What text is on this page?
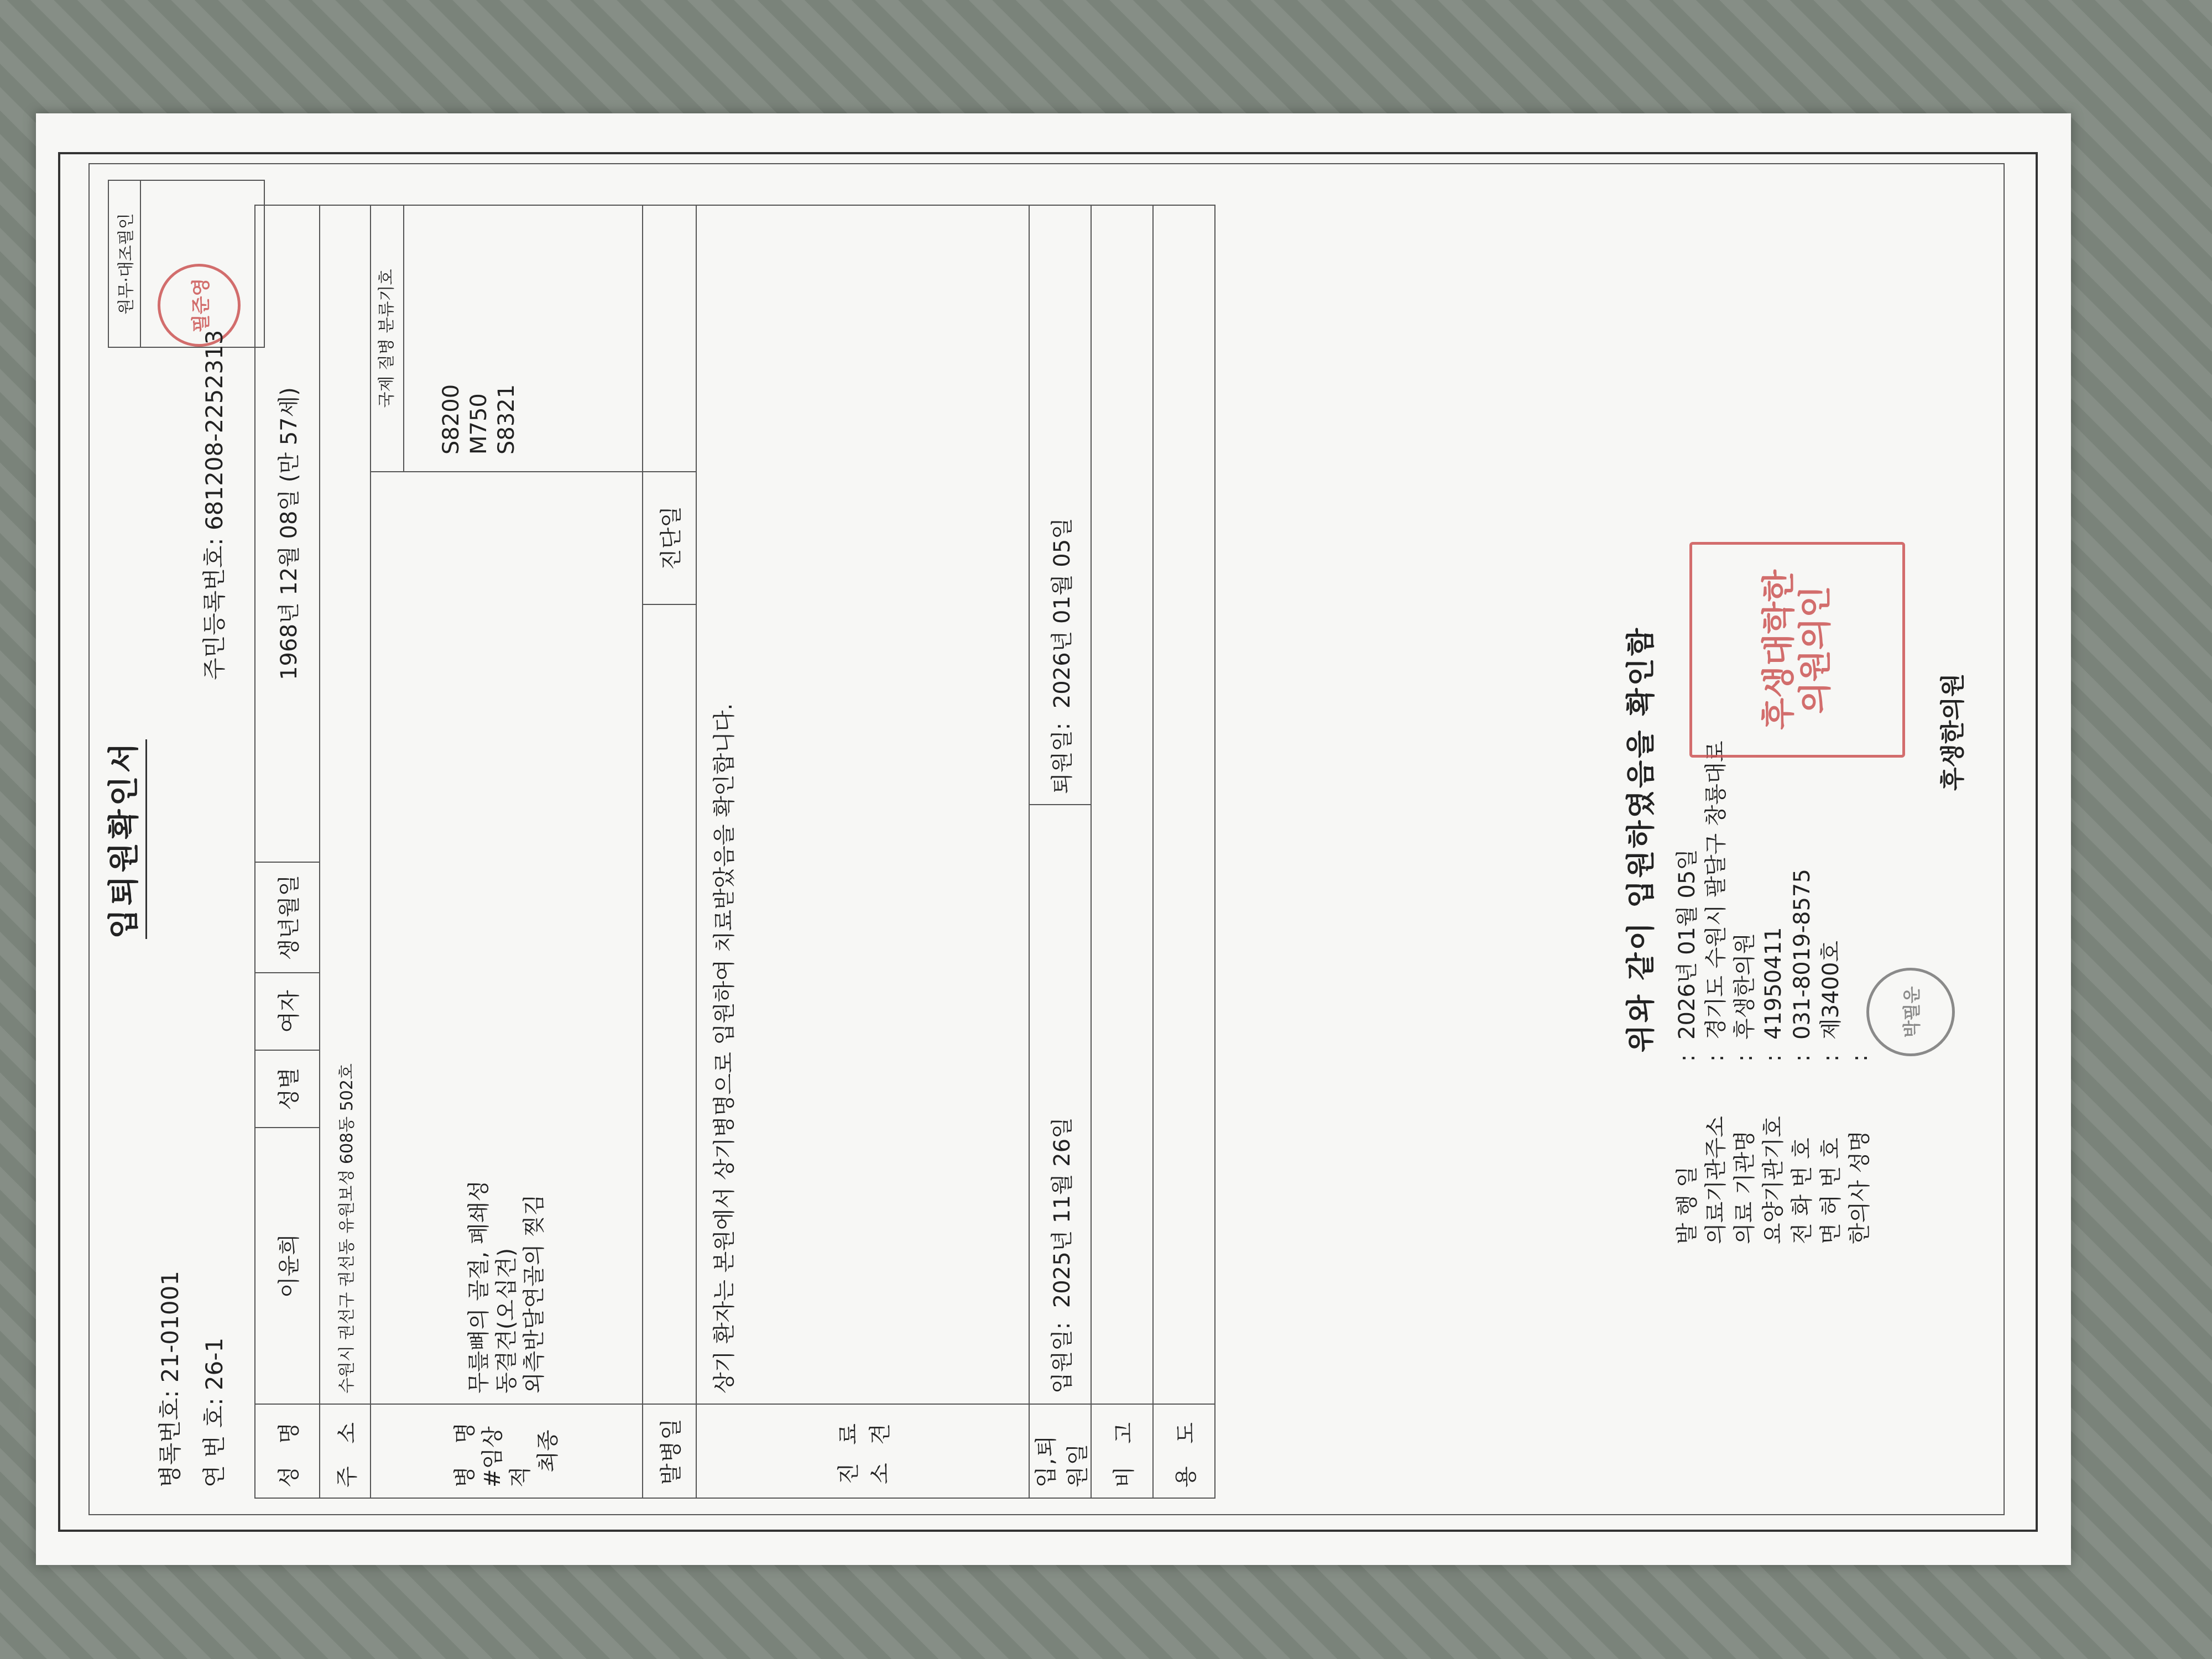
원무·대조필인	필준영
입퇴원확인서
병록번호: 21-01001
연 번 호: 26-1
주민등록번호: 681208-2252313
성 명
이윤희
성별
여자
생년월일
1968년 12월 08일 (만 57세)
주 소
수원시 권선구 권선동 유원보성 608동 502호
병 명 #임상적
최종
무릎뼈의 골절, 폐쇄성 동결견(오십견) 외측반달연골의 찢김
국제 질병 분류기호
S8200 M750 S8321
발병일
진단일
진 료 소 견
상기 환자는 본원에서 상기병명으로 입원하여 치료받았음을 확인합니다.
입,퇴원일
입원일:

2025년 11월 26일
퇴원일:

2026년 01월 05일
비 고	용 도
위와 같이 입원하였음을 확인함
발 행 일
:
2026년 01월 05일
의료기관주소
:
경기도 수원시 팔달구 창룡대로
의료 기관명
:
후생한의원
요양기관기호
:
41950411
전 화 번 호
:
031-8019-8575
면 허 번 호
:
제3400호
한의사 성명
:
박필운
후생대학한의원의인
후생한의원
